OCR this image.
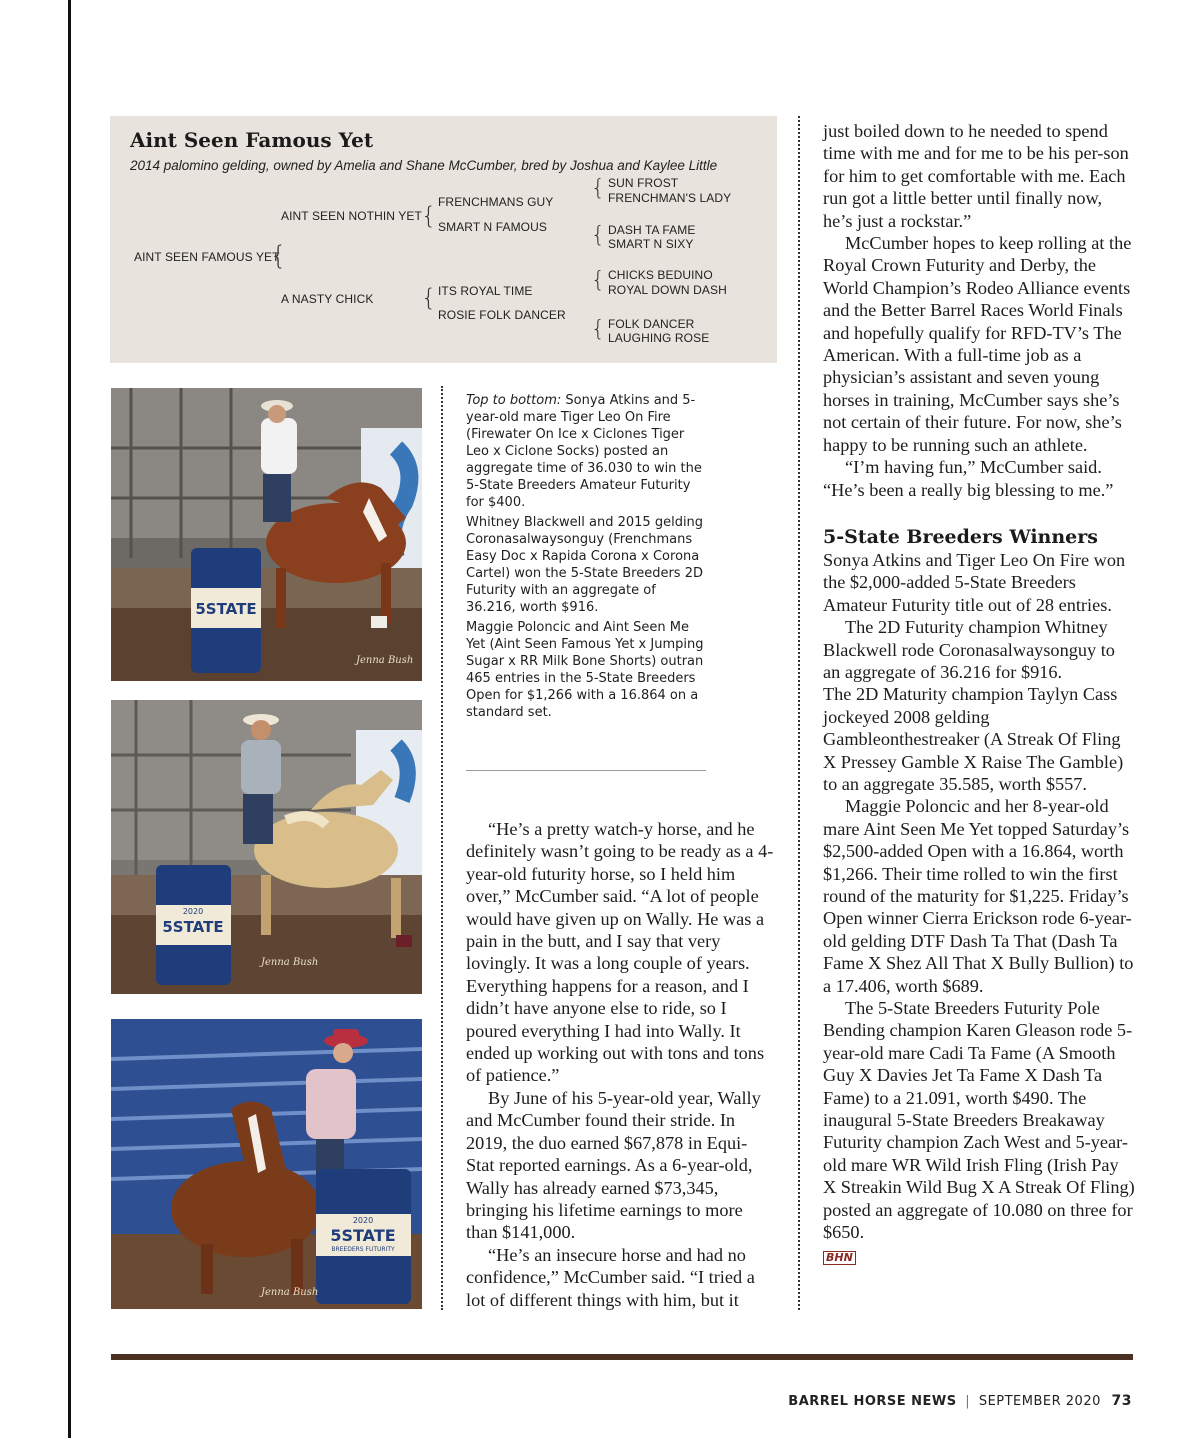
Aint Seen Famous Yet

2014 palomino gelding, owned by Amelia and Shane McCumber, bred by Joshua and Kaylee Little

AINT SEEN FAMOUS YET
{
AINT SEEN NOTHIN YET {
A NASTY CHICK {
FRENCHMANS GUY
SMART N FAMOUS
ITS ROYAL TIME
ROSIE FOLK DANCER
{ SUN FROST
FRENCHMAN'S LADY
{ DASH TA FAME
SMART N SIXY
{ CHICKS BEDUINO
ROYAL DOWN DASH
{ FOLK DANCER
LAUGHING ROSE
5STATE
Jenna Bush
2020
5STATE
Jenna Bush
2020
5STATE
BREEDERS FUTURITY
Jenna Bush

Top to bottom: Sonya Atkins and 5-year-old mare Tiger Leo On Fire (Firewater On Ice x Ciclones Tiger Leo x Ciclone Socks) posted an aggregate time of 36.030 to win the 5-State Breeders Amateur Futurity for $400.

Whitney Blackwell and 2015 gelding Coronasalwaysonguy (Frenchmans Easy Doc x Rapida Corona x Corona Cartel) won the 5-State Breeders 2D Futurity with an aggregate of 36.216, worth $916.

Maggie Poloncic and Aint Seen Me Yet (Aint Seen Famous Yet x Jumping Sugar x RR Milk Bone Shorts) outran 465 entries in the 5-State Breeders Open for $1,266 with a 16.864 on a standard set.

“He’s a pretty watch-y horse, and he definitely wasn’t going to be ready as a 4-year-old futurity horse, so I held him over,” McCumber said. “A lot of people would have given up on Wally. He was a pain in the butt, and I say that very lovingly. It was a long couple of years. Everything happens for a reason, and I didn’t have anyone else to ride, so I poured everything I had into Wally. It ended up working out with tons and tons of patience.”

By June of his 5-year-old year, Wally and McCumber found their stride. In 2019, the duo earned $67,878 in Equi-Stat reported earnings. As a 6-year-old, Wally has already earned $73,345, bringing his lifetime earnings to more than $141,000.

“He’s an insecure horse and had no confidence,” McCumber said. “I tried a lot of different things with him, but it

just boiled down to he needed to spend time with me and for me to be his per-son for him to get comfortable with me. Each run got a little better until finally now, he’s just a rockstar.”

McCumber hopes to keep rolling at the Royal Crown Futurity and Derby, the World Champion’s Rodeo Alliance events and the Better Barrel Races World Finals and hopefully qualify for RFD-TV’s The American. With a full-time job as a physician’s assistant and seven young horses in training, McCumber says she’s not certain of their future. For now, she’s happy to be running such an athlete.

“I’m having fun,” McCumber said. “He’s been a really big blessing to me.”

5-State Breeders Winners

Sonya Atkins and Tiger Leo On Fire won the $2,000-added 5-State Breeders Amateur Futurity title out of 28 entries.

The 2D Futurity champion Whitney Blackwell rode Coronasalwaysonguy to an aggregate of 36.216 for $916.

The 2D Maturity champion Taylyn Cass jockeyed 2008 gelding Gambleonthestreaker (A Streak Of Fling X Pressey Gamble X Raise The Gamble) to an aggregate 35.585, worth $557.

Maggie Poloncic and her 8-year-old mare Aint Seen Me Yet topped Saturday’s $2,500-added Open with a 16.864, worth $1,266. Their time rolled to win the first round of the maturity for $1,225. Friday’s Open winner Cierra Erickson rode 6-year-old gelding DTF Dash Ta That (Dash Ta Fame X Shez All That X Bully Bullion) to a 17.406, worth $689.

The 5-State Breeders Futurity Pole Bending champion Karen Gleason rode 5-year-old mare Cadi Ta Fame (A Smooth Guy X Davies Jet Ta Fame X Dash Ta Fame) to a 21.091, worth $490. The inaugural 5-State Breeders Breakaway Futurity champion Zach West and 5-year-old mare WR Wild Irish Fling (Irish Pay X Streakin Wild Bug X A Streak Of Fling) posted an aggregate of 10.080 on three for $650.

BHN
BARREL HORSE NEWS | SEPTEMBER 2020 73
